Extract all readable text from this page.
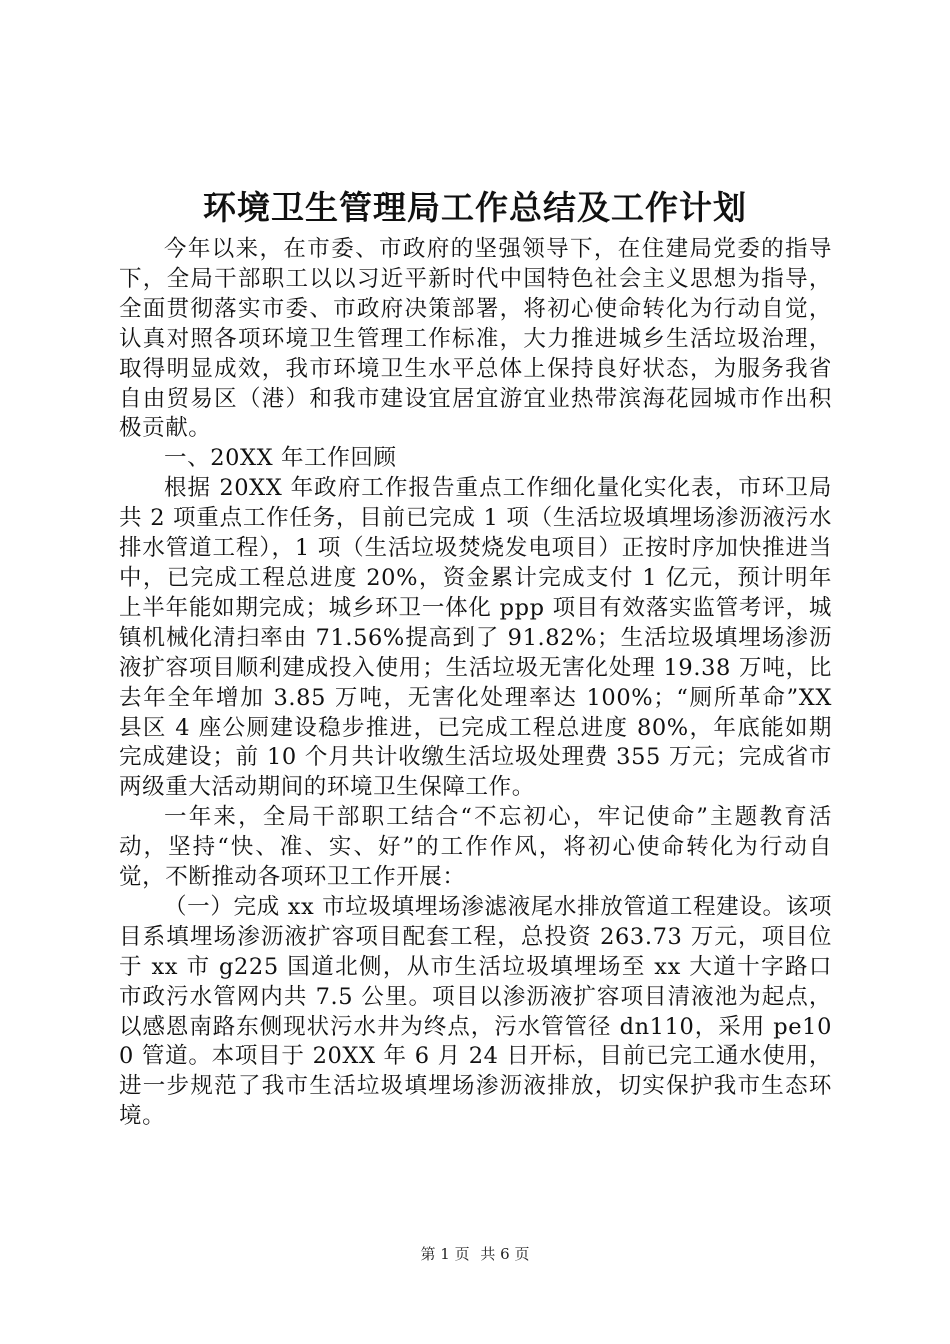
环境卫生管理局工作总结及工作计划

今年以来，在市委、市政府的坚强领导下，在住建局党委的指导下，全局干部职工以以习近平新时代中国特色社会主义思想为指导，全面贯彻落实市委、市政府决策部署，将初心使命转化为行动自觉，认真对照各项环境卫生管理工作标准，大力推进城乡生活垃圾治理，取得明显成效，我市环境卫生水平总体上保持良好状态，为服务我省自由贸易区（港）和我市建设宜居宜游宜业热带滨海花园城市作出积极贡献。

一、20XX 年工作回顾

根据 20XX 年政府工作报告重点工作细化量化实化表，市环卫局共 2 项重点工作任务，目前已完成 1 项（生活垃圾填埋场渗沥液污水排水管道工程），1 项（生活垃圾焚烧发电项目）正按时序加快推进当中，已完成工程总进度 20%，资金累计完成支付 1 亿元，预计明年上半年能如期完成；城乡环卫一体化 ppp 项目有效落实监管考评，城镇机械化清扫率由 71.56%提高到了 91.82%；生活垃圾填埋场渗沥液扩容项目顺利建成投入使用；生活垃圾无害化处理 19.38 万吨，比去年全年增加 3.85 万吨，无害化处理率达 100%；“厕所革命”XX 县区 4 座公厕建设稳步推进，已完成工程总进度 80%，年底能如期完成建设；前 10 个月共计收缴生活垃圾处理费 355 万元；完成省市两级重大活动期间的环境卫生保障工作。

一年来，全局干部职工结合“不忘初心，牢记使命”主题教育活动，坚持“快、准、实、好”的工作作风，将初心使命转化为行动自觉，不断推动各项环卫工作开展：

（一）完成 xx 市垃圾填埋场渗滤液尾水排放管道工程建设。该项目系填埋场渗沥液扩容项目配套工程，总投资 263.73 万元，项目位于 xx 市 g225 国道北侧，从市生活垃圾填埋场至 xx 大道十字路口市政污水管网内共 7.5 公里。项目以渗沥液扩容项目清液池为起点，以感恩南路东侧现状污水井为终点，污水管管径 dn110，采用 pe100 管道。本项目于 20XX 年 6 月 24 日开标，目前已完工通水使用，进一步规范了我市生活垃圾填埋场渗沥液排放，切实保护我市生态环境。

第 1 页 共 6 页
